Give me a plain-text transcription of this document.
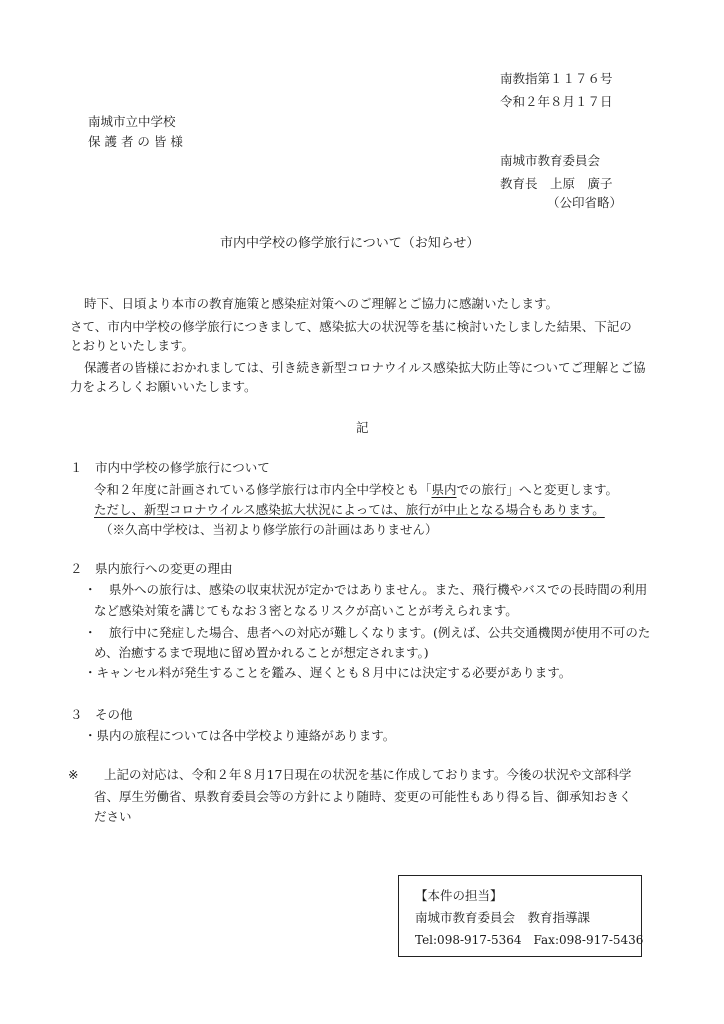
南教指第１１７６号
令和２年８月１７日
南城市立中学校
保 護 者 の 皆 様
南城市教育委員会
教育長　上原　廣子
（公印省略）
市内中学校の修学旅行について（お知らせ）
時下、日頃より本市の教育施策と感染症対策へのご理解とご協力に感謝いたします。
さて、市内中学校の修学旅行につきまして、感染拡大の状況等を基に検討いたしました結果、下記の
とおりといたします。
保護者の皆様におかれましては、引き続き新型コロナウイルス感染拡大防止等についてご理解とご協
力をよろしくお願いいたします。
記
１　市内中学校の修学旅行について
令和２年度に計画されている修学旅行は市内全中学校とも「県内での旅行」へと変更します。
ただし、新型コロナウイルス感染拡大状況によっては、旅行が中止となる場合もあります。
（※久高中学校は、当初より修学旅行の計画はありません）
２　県内旅行への変更の理由
・　県外への旅行は、感染の収束状況が定かではありません。また、飛行機やバスでの長時間の利用
など感染対策を講じてもなお３密となるリスクが高いことが考えられます。
・　旅行中に発症した場合、患者への対応が難しくなります。(例えば、公共交通機関が使用不可のた
め、治癒するまで現地に留め置かれることが想定されます。)
・キャンセル料が発生することを鑑み、遅くとも８月中には決定する必要があります。
３　その他
・県内の旅程については各中学校より連絡があります。
※ 上記の対応は、令和２年８月17日現在の状況を基に作成しております。今後の状況や文部科学
省、厚生労働省、県教育委員会等の方針により随時、変更の可能性もあり得る旨、御承知おきく
ださい
【本件の担当】
南城市教育委員会　教育指導課
Tel:098-917-5364　Fax:098-917-5436
